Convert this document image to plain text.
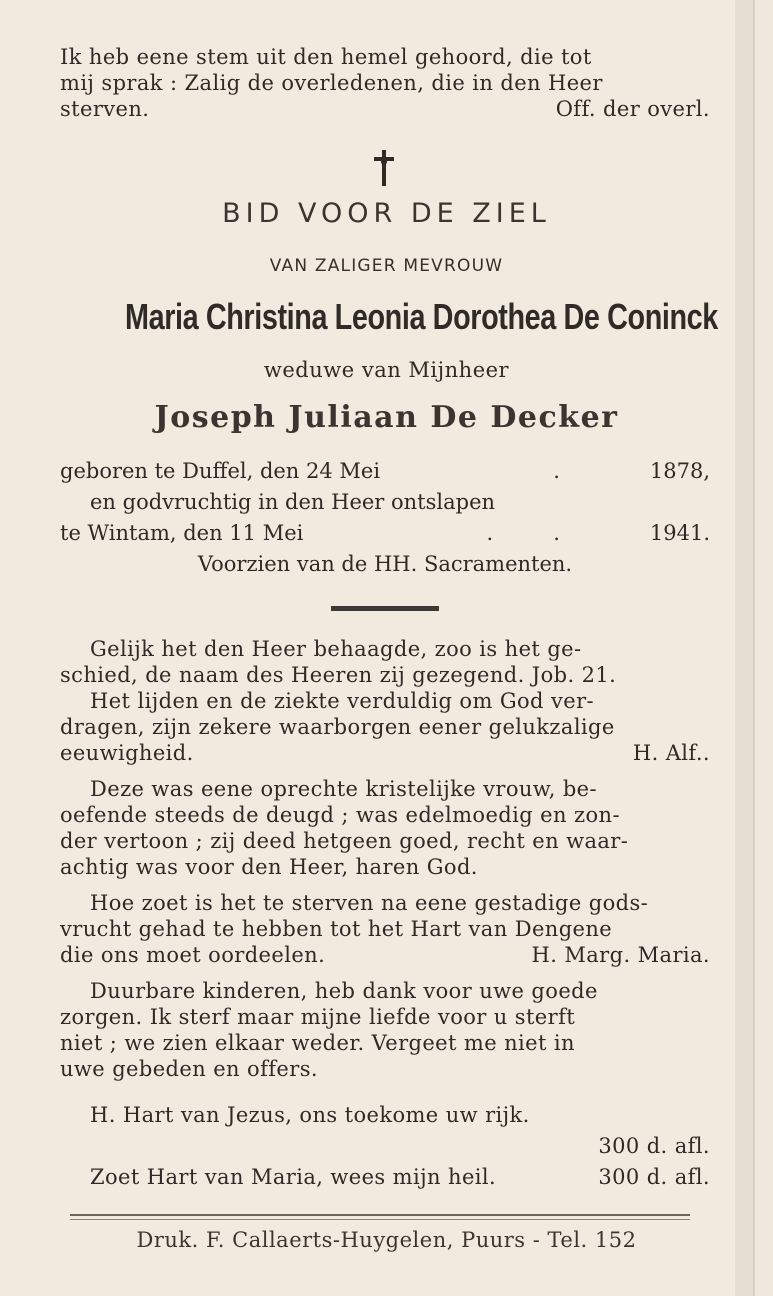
Ik heb eene stem uit den hemel gehoord, die tot
mij sprak : Zalig de overledenen, die in den Heer
sterven.	Off. der overl.
BID VOOR DE ZIEL
VAN ZALIGER MEVROUW
Maria Christina Leonia Dorothea De Coninck
weduwe van Mijnheer
Joseph Juliaan De Decker
geboren te Duffel, den 24 Mei	.	1878,
en godvruchtig in den Heer ontslapen
te Wintam, den 11 Mei	.	.	1941.
Voorzien van de HH. Sacramenten.
Gelijk het den Heer behaagde, zoo is het ge-
schied, de naam des Heeren zij gezegend. Job. 21.
Het lijden en de ziekte verduldig om God ver-
dragen, zijn zekere waarborgen eener gelukzalige
eeuwigheid.	H. Alf..
Deze was eene oprechte kristelijke vrouw, be-
oefende steeds de deugd ; was edelmoedig en zon-
der vertoon ; zij deed hetgeen goed, recht en waar-
achtig was voor den Heer, haren God.
Hoe zoet is het te sterven na eene gestadige gods-
vrucht gehad te hebben tot het Hart van Dengene
die ons moet oordeelen.	H. Marg. Maria.
Duurbare kinderen, heb dank voor uwe goede
zorgen. Ik sterf maar mijne liefde voor u sterft
niet ; we zien elkaar weder. Vergeet me niet in
uwe gebeden en offers.
H. Hart van Jezus, ons toekome uw rijk.
300 d. afl.
Zoet Hart van Maria, wees mijn heil.	300 d. afl.
Druk. F. Callaerts-Huygelen, Puurs - Tel. 152
